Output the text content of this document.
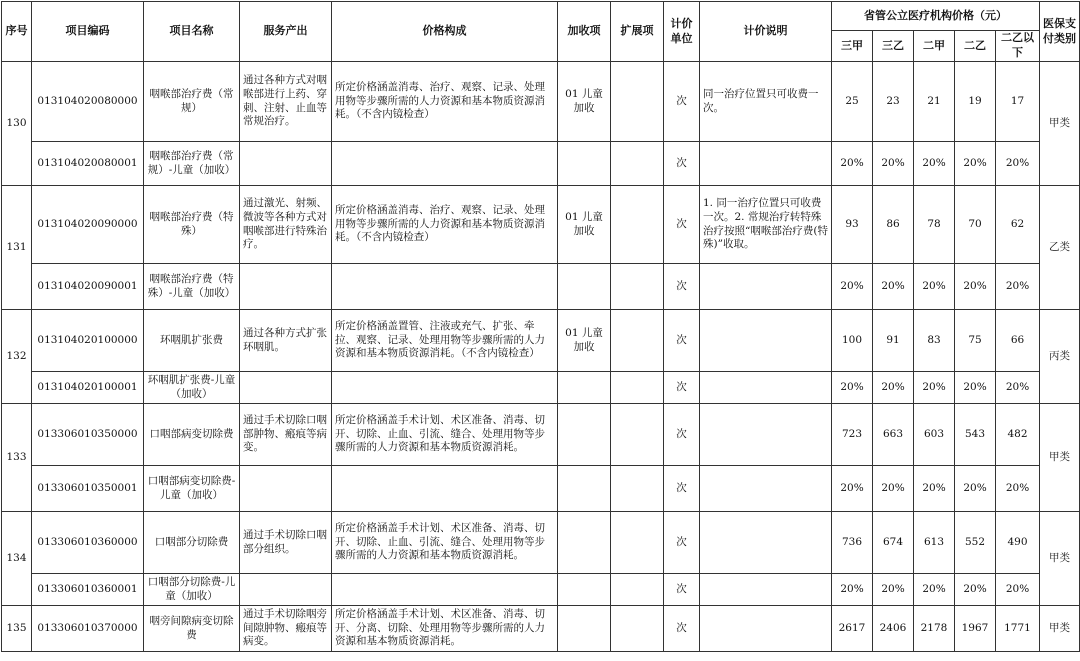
序号	项目编码	项目名称	服务产出	价格构成	加收项	扩展项	计价单位	计价说明	省管公立医疗机构价格（元）					医保支付类别
									三甲	三乙	二甲	二乙	二乙以下	
130	013104020080000	咽喉部治疗费（常规）	通过各种方式对咽喉部进行上药、穿刺、注射、止血等常规治疗。	所定价格涵盖消毒、治疗、观察、记录、处理用物等步骤所需的人力资源和基本物质资源消耗。（不含内镜检查）	01 儿童加收		次	同一治疗位置只可收费一次。	25	23	21	19	17	甲类
	013104020080001	咽喉部治疗费（常规）-儿童（加收）					次		20%	20%	20%	20%	20%	
131	013104020090000	咽喉部治疗费（特殊）	通过激光、射频、微波等各种方式对咽喉部进行特殊治疗。	所定价格涵盖消毒、治疗、观察、记录、处理用物等步骤所需的人力资源和基本物质资源消耗。（不含内镜检查）	01 儿童加收		次	1. 同一治疗位置只可收费一次。2. 常规治疗转特殊治疗按照“咽喉部治疗费(特殊)”收取。	93	86	78	70	62	乙类
	013104020090001	咽喉部治疗费（特殊）-儿童（加收）					次		20%	20%	20%	20%	20%	
132	013104020100000	环咽肌扩张费	通过各种方式扩张环咽肌。	所定价格涵盖置管、注液或充气、扩张、牵拉、观察、记录、处理用物等步骤所需的人力资源和基本物质资源消耗。（不含内镜检查）	01 儿童加收		次		100	91	83	75	66	丙类
	013104020100001	环咽肌扩张费-儿童（加收）					次		20%	20%	20%	20%	20%	
133	013306010350000	口咽部病变切除费	通过手术切除口咽部肿物、瘢痕等病变。	所定价格涵盖手术计划、术区准备、消毒、切开、切除、止血、引流、缝合、处理用物等步骤所需的人力资源和基本物质资源消耗。			次		723	663	603	543	482	甲类
	013306010350001	口咽部病变切除费-儿童（加收）					次		20%	20%	20%	20%	20%	
134	013306010360000	口咽部分切除费	通过手术切除口咽部分组织。	所定价格涵盖手术计划、术区准备、消毒、切开、切除、止血、引流、缝合、处理用物等步骤所需的人力资源和基本物质资源消耗。			次		736	674	613	552	490	甲类
	013306010360001	口咽部分切除费-儿童（加收）					次		20%	20%	20%	20%	20%	
135	013306010370000	咽旁间隙病变切除费	通过手术切除咽旁间隙肿物、瘢痕等病变。	所定价格涵盖手术计划、术区准备、消毒、切开、分离、切除、处理用物等步骤所需的人力资源和基本物质资源消耗。			次		2617	2406	2178	1967	1771	甲类
